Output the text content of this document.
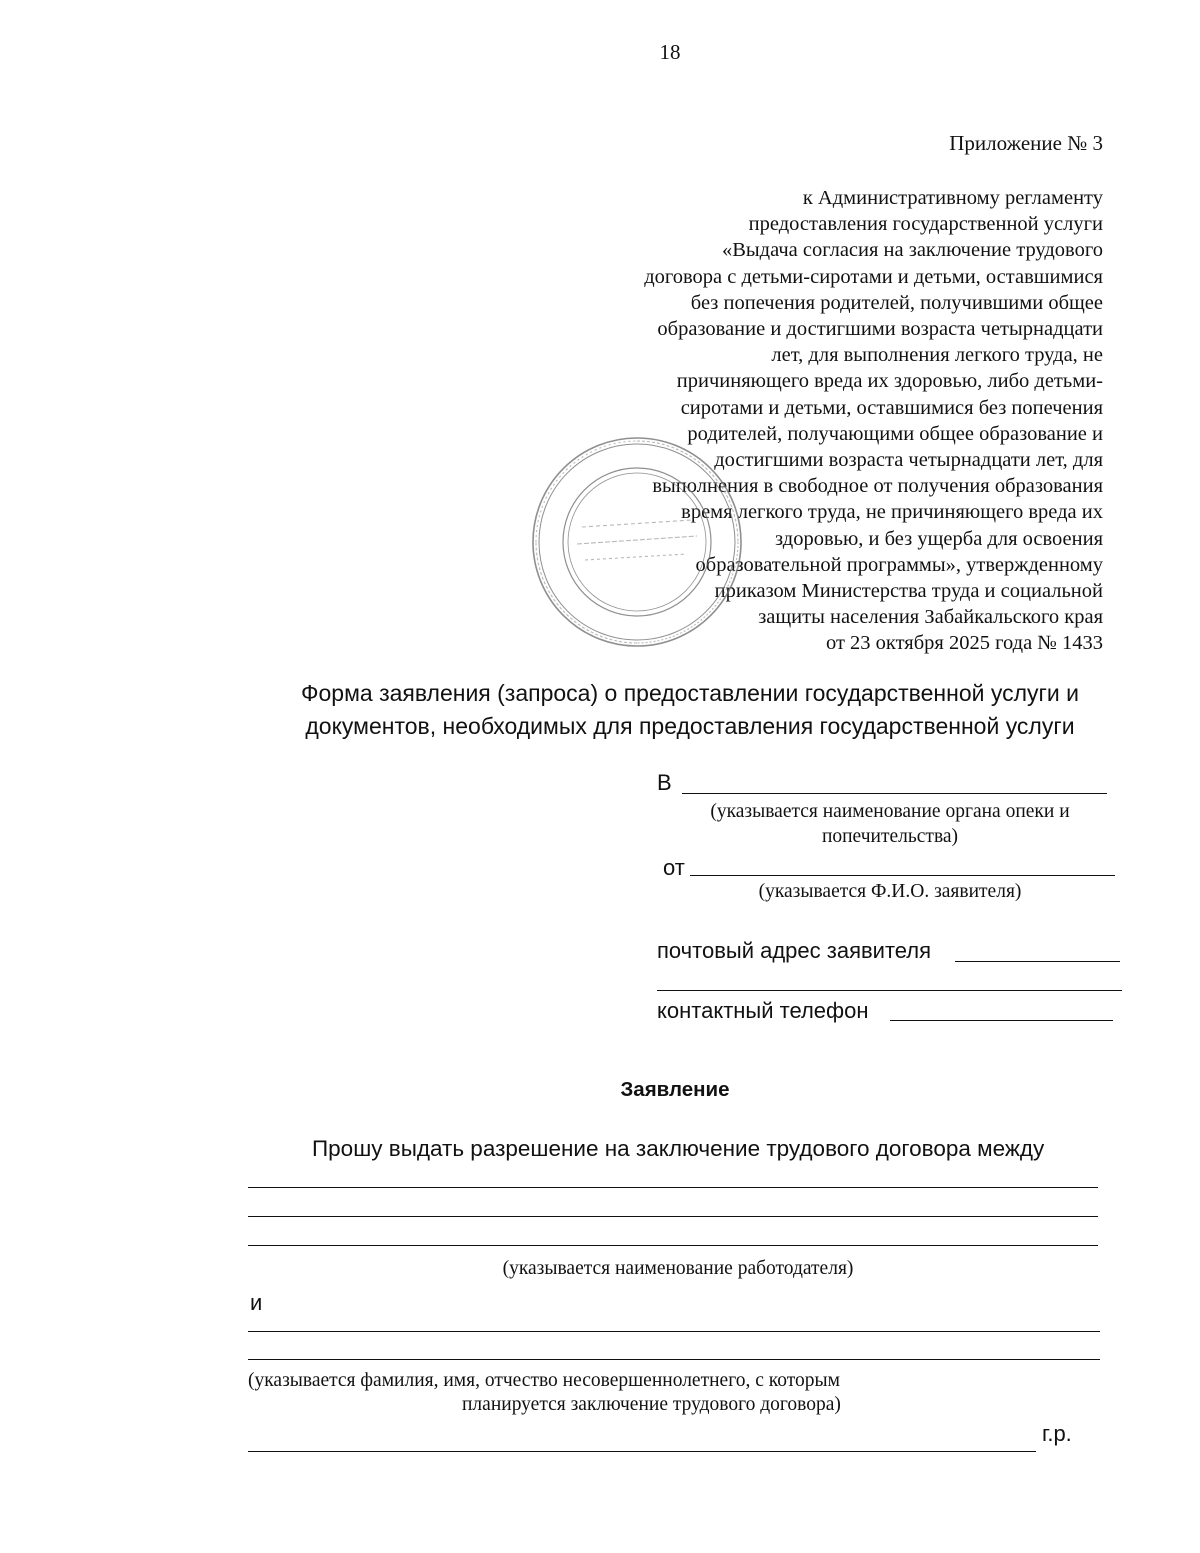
18
Приложение № 3
к Административному регламенту
предоставления государственной услуги
«Выдача согласия на заключение трудового
договора с детьми-сиротами и детьми, оставшимися
без попечения родителей, получившими общее
образование и достигшими возраста четырнадцати
лет, для выполнения легкого труда, не
причиняющего вреда их здоровью, либо детьми-
сиротами и детьми, оставшимися без попечения
родителей, получающими общее образование и
достигшими возраста четырнадцати лет, для
выполнения в свободное от получения образования
время легкого труда, не причиняющего вреда их
здоровью, и без ущерба для освоения
образовательной программы», утвержденному
приказом Министерства труда и социальной
защиты населения Забайкальского края
от 23 октября 2025 года № 1433
Форма заявления (запроса) о предоставлении государственной услуги и
документов, необходимых для предоставления государственной услуги
В
(указывается наименование органа опеки и
попечительства)
от
(указывается Ф.И.О. заявителя)
почтовый адрес заявителя
контактный телефон
Заявление
Прошу выдать разрешение на заключение трудового договора между
(указывается наименование работодателя)
и
(указывается фамилия, имя, отчество несовершеннолетнего, с которым
планируется заключение трудового договора)
г.р.
